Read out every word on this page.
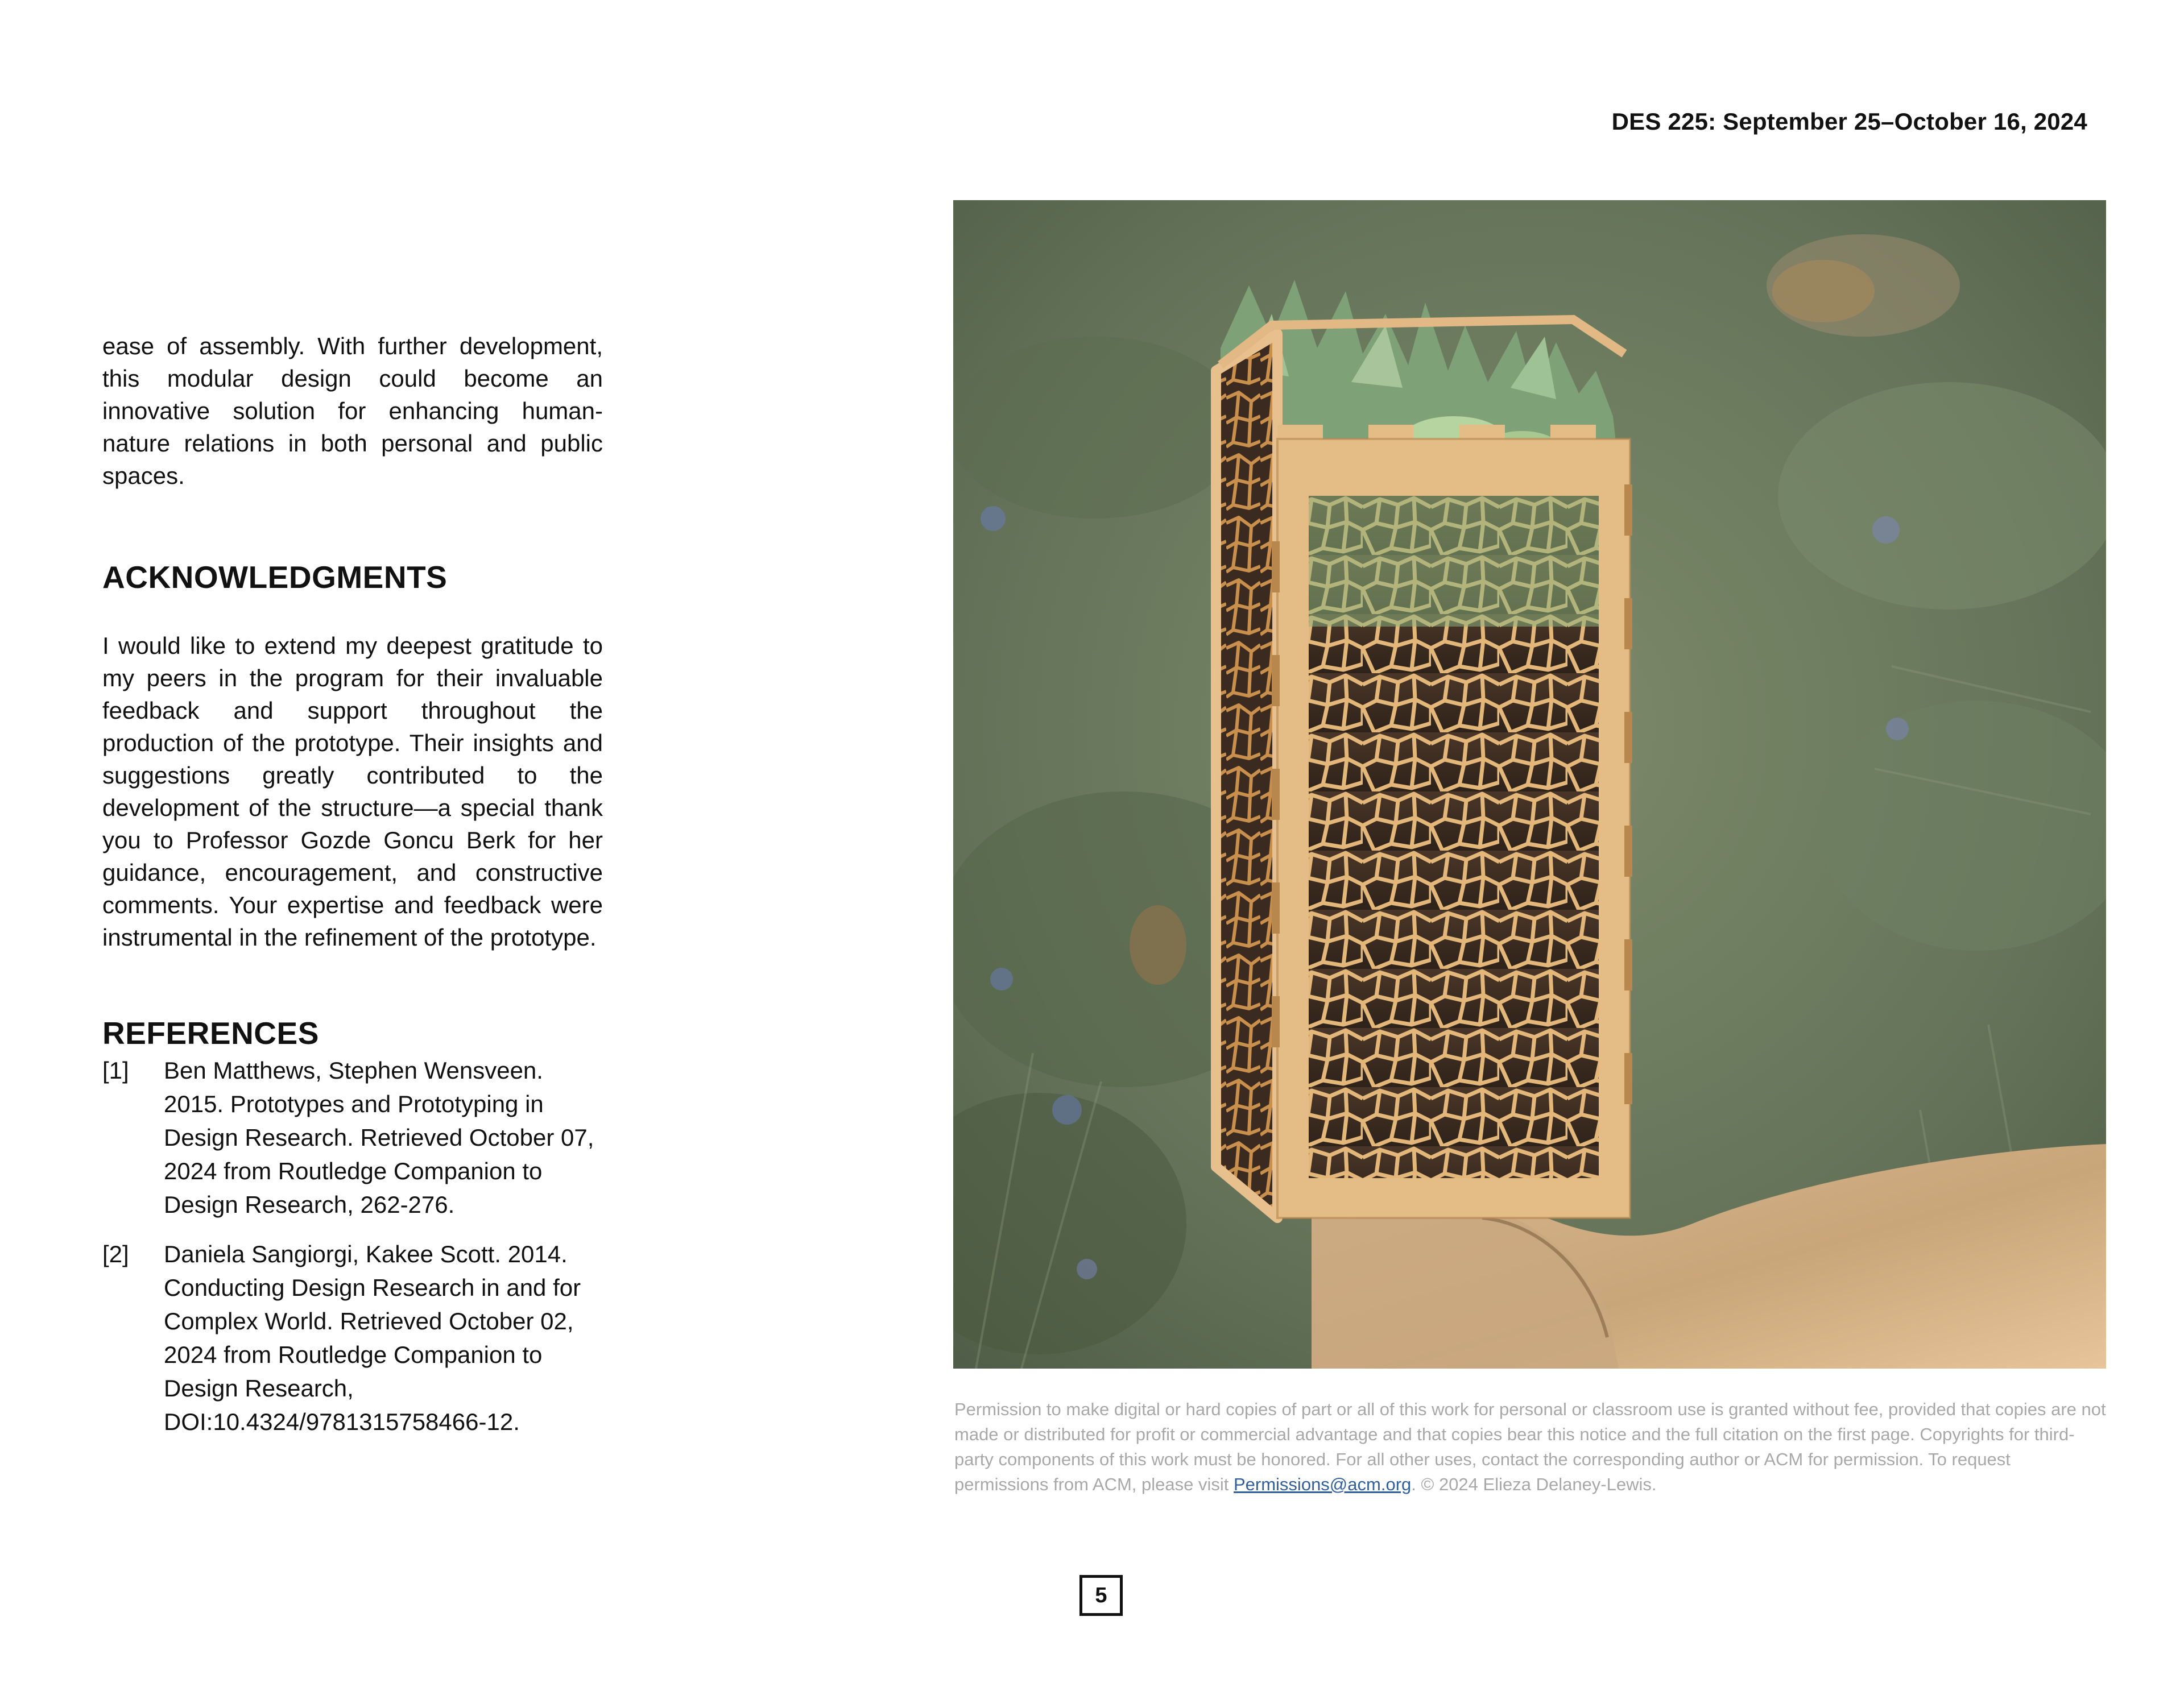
DES 225: September 25–October 16, 2024

ease of assembly. With further development, this modular design could become an innovative solution for enhancing human-nature relations in both personal and public spaces.

ACKNOWLEDGMENTS

I would like to extend my deepest gratitude to my peers in the program for their invaluable feedback and support throughout the production of the prototype. Their insights and suggestions greatly contributed to the development of the structure—a special thank you to Professor Gozde Goncu Berk for her guidance, encouragement, and constructive comments. Your expertise and feedback were instrumental in the refinement of the prototype.

REFERENCES
[1]	Ben Matthews, Stephen Wensveen. 2015. Prototypes and Prototyping in Design Research. Retrieved October 07, 2024 from Routledge Companion to Design Research, 262-276.
[2]	Daniela Sangiorgi, Kakee Scott. 2014. Conducting Design Research in and for Complex World. Retrieved October 02, 2024 from Routledge Companion to Design Research, DOI:10.4324/9781315758466-12.	Permission to make digital or hard copies of part or all of this work for personal or classroom use is granted without fee, provided that copies are not made or distributed for profit or commercial advantage and that copies bear this notice and the full citation on the first page. Copyrights for third-party components of this work must be honored. For all other uses, contact the corresponding author or ACM for permission. To request permissions from ACM, please visit Permissions@acm.org. © 2024 Elieza Delaney-Lewis.

5
